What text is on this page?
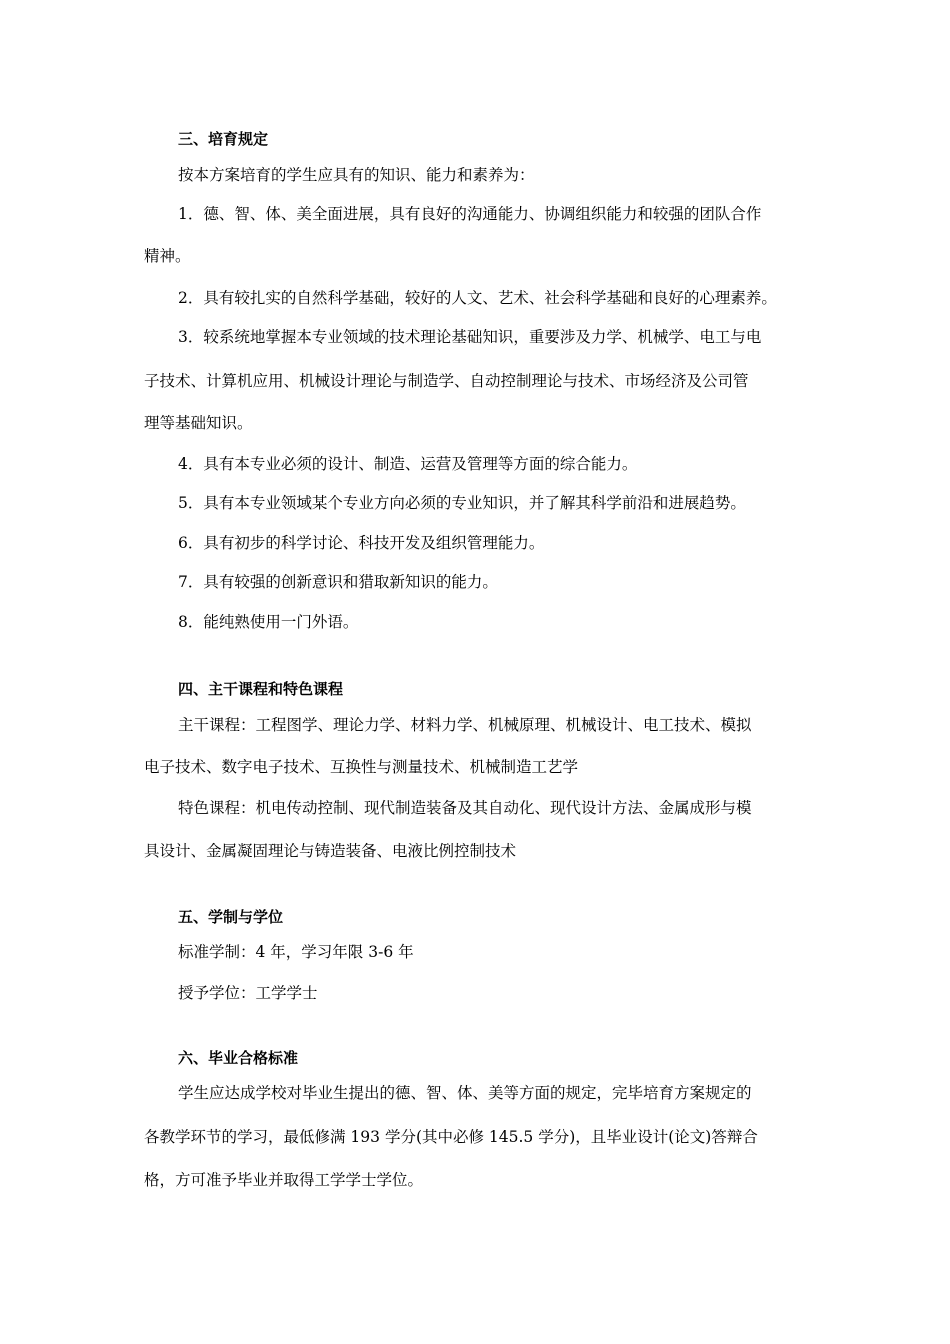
三、培育规定
按本方案培育的学生应具有的知识、能力和素养为：
1．德、智、体、美全面进展，具有良好的沟通能力、协调组织能力和较强的团队合作
精神。
2．具有较扎实的自然科学基础，较好的人文、艺术、社会科学基础和良好的心理素养。
3．较系统地掌握本专业领域的技术理论基础知识，重要涉及力学、机械学、电工与电
子技术、计算机应用、机械设计理论与制造学、自动控制理论与技术、市场经济及公司管
理等基础知识。
4．具有本专业必须的设计、制造、运营及管理等方面的综合能力。
5．具有本专业领域某个专业方向必须的专业知识，并了解其科学前沿和进展趋势。
6．具有初步的科学讨论、科技开发及组织管理能力。
7．具有较强的创新意识和猎取新知识的能力。
8．能纯熟使用一门外语。
四、主干课程和特色课程
主干课程：工程图学、理论力学、材料力学、机械原理、机械设计、电工技术、模拟
电子技术、数字电子技术、互换性与测量技术、机械制造工艺学
特色课程：机电传动控制、现代制造装备及其自动化、现代设计方法、金属成形与模
具设计、金属凝固理论与铸造装备、电液比例控制技术
五、学制与学位
标准学制：4 年，学习年限 3-6 年
授予学位：工学学士
六、毕业合格标准
学生应达成学校对毕业生提出的德、智、体、美等方面的规定，完毕培育方案规定的
各教学环节的学习，最低修满 193 学分(其中必修 145.5 学分)，且毕业设计(论文)答辩合
格，方可准予毕业并取得工学学士学位。
